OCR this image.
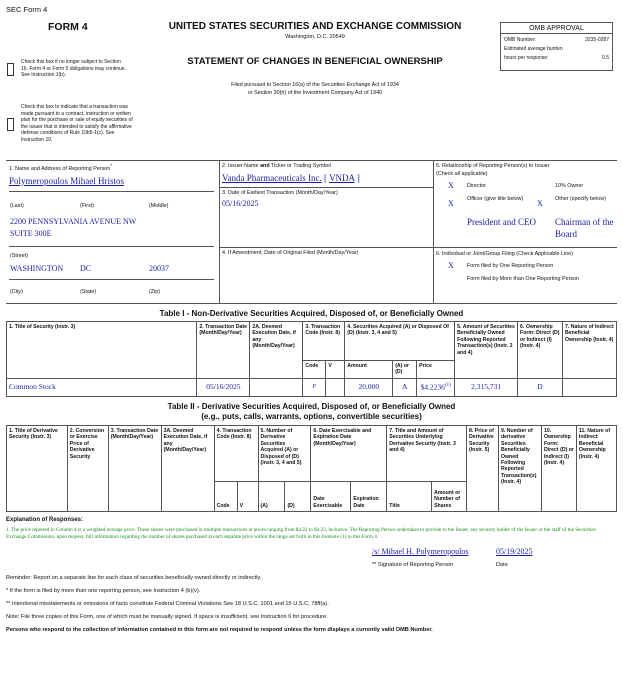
SEC Form 4
FORM 4	UNITED STATES SECURITIES AND EXCHANGE COMMISSION
Washington, D.C. 20549
STATEMENT OF CHANGES IN BENEFICIAL OWNERSHIP
Filed pursuant to Section 16(a) of the Securities Exchange Act of 1934
or Section 30(h) of the Investment Company Act of 1940
OMB APPROVAL
OMB Number:	3235-0287
Estimated average burden
hours per response:	0.5
Check this box if no longer subject to Section 16. Form 4 or Form 5 obligations may continue. See Instruction 1(b).
Check this box to indicate that a transaction was made pursuant to a contract, instruction or written plan for the purchase or sale of equity securities of the issuer that is intended to satisfy the affirmative defense conditions of Rule 10b5-1(c). See Instruction 10.
1. Name and Address of Reporting Person*
Polymeropoulos Mihael Hristos
(Last)	(First)	(Middle)
2200 PENNSYLVANIA AVENUE NW
SUITE 300E
(Street)
WASHINGTON DC	20037
(City)	(State)	(Zip)
2. Issuer Name and Ticker or Trading Symbol
Vanda Pharmaceuticals Inc. [ VNDA ]
3. Date of Earliest Transaction (Month/Day/Year)
05/16/2025
4. If Amendment, Date of Original Filed (Month/Day/Year)
5. Relationship of Reporting Person(s) to Issuer
(Check all applicable)
X Director	10% Owner
X Officer (give title below)	X Other (specify below)
President and CEO Chairman of the Board
6. Individual or Joint/Group Filing (Check Applicable Line)
X Form filed by One Reporting Person
Form filed by More than One Reporting Person
Table I - Non-Derivative Securities Acquired, Disposed of, or Beneficially Owned
1. Title of Security (Instr. 3)	2. Transaction Date (Month/Day/Year)	2A. Deemed Execution Date, if any (Month/Day/Year)	3. Transaction Code (Instr. 8)		4. Securities Acquired (A) or Disposed Of (D) (Instr. 3, 4 and 5)			5. Amount of Securities Beneficially Owned Following Reported Transaction(s) (Instr. 3 and 4)	6. Ownership Form: Direct (D) or Indirect (I) (Instr. 4)	7. Nature of Indirect Beneficial Ownership (Instr. 4)
			Code	V	Amount	(A) or (D)	Price			
Common Stock	05/16/2025		P		20,000	A	$4.2236$^{(1)}$	2,315,731	D	
Table II - Derivative Securities Acquired, Disposed of, or Beneficially Owned
(e.g., puts, calls, warrants, options, convertible securities)
1. Title of Derivative Security (Instr. 3)	2. Conversion or Exercise Price of Derivative Security	3. Transaction Date (Month/Day/Year)	3A. Deemed Execution Date, if any (Month/Day/Year)	4. Transaction Code (Instr. 8)		5. Number of Derivative Securities Acquired (A) or Disposed of (D) (Instr. 3, 4 and 5)		6. Date Exercisable and Expiration Date (Month/Day/Year)		7. Title and Amount of Securities Underlying Derivative Security (Instr. 3 and 4)		8. Price of Derivative Security (Instr. 5)	9. Number of derivative Securities Beneficially Owned Following Reported Transaction(s) (Instr. 4)	10. Ownership Form: Direct (D) or Indirect (I) (Instr. 4)	11. Nature of Indirect Beneficial Ownership (Instr. 4)
				Code	V	(A)	(D)	Date Exercisable	Expiration Date	Title	Amount or Number of Shares				
Explanation of Responses:
1. The price reported in Column 4 is a weighted average price. These shares were purchased in multiple transactions at prices ranging from $4.22 to $4.23, inclusive. The Reporting Person undertakes to provide to the Issuer, any security holder of the Issuer or the staff of the Securities Exchange Commission, upon request, full information regarding the number of shares purchased at each separate price within the range set forth in this footnote (1) to this Form 4.
/s/ Mihael H. Polymeropoulos	05/19/2025
** Signature of Reporting Person	Date
Reminder: Report on a separate line for each class of securities beneficially owned directly or indirectly.
* If the form is filed by more than one reporting person, see Instruction 4 (b)(v).
** Intentional misstatements or omissions of facts constitute Federal Criminal Violations See 18 U.S.C. 1001 and 15 U.S.C. 78ff(a).
Note: File three copies of this Form, one of which must be manually signed. If space is insufficient, see Instruction 6 for procedure.
Persons who respond to the collection of information contained in this form are not required to respond unless the form displays a currently valid OMB Number.
